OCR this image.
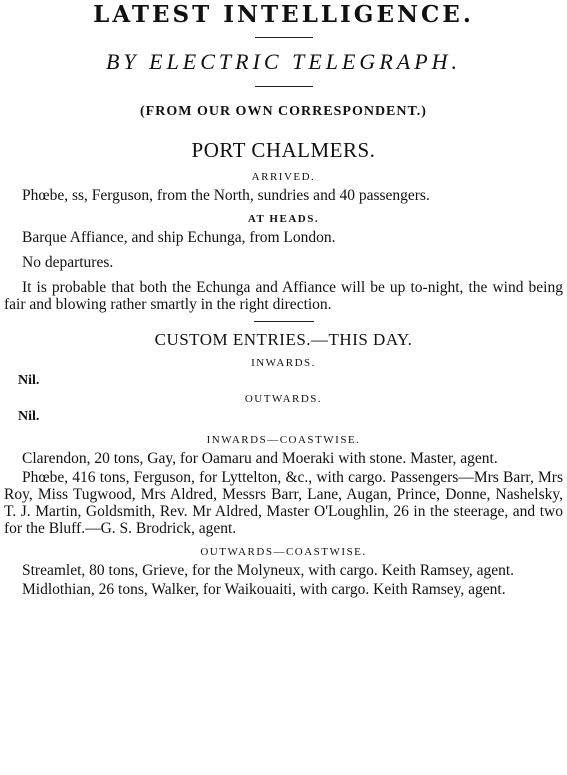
LATEST INTELLIGENCE.
BY ELECTRIC TELEGRAPH.
(FROM OUR OWN CORRESPONDENT.)
PORT CHALMERS.
ARRIVED.

Phœbe, ss, Ferguson, from the North, sundries and 40 passengers.

AT HEADS.

Barque Affiance, and ship Echunga, from London.

No departures.

It is probable that both the Echunga and Affiance will be up to-night, the wind being fair and blowing rather smartly in the right direction.

CUSTOM ENTRIES.—THIS DAY.
INWARDS.
Nil.
OUTWARDS.
Nil.
INWARDS—COASTWISE.

Clarendon, 20 tons, Gay, for Oamaru and Moeraki with stone. Master, agent.

Phœbe, 416 tons, Ferguson, for Lyttelton, &c., with cargo. Passengers—Mrs Barr, Mrs Roy, Miss Tugwood, Mrs Aldred, Messrs Barr, Lane, Augan, Prince, Donne, Nashelsky, T. J. Martin, Goldsmith, Rev. Mr Aldred, Master O'Loughlin, 26 in the steerage, and two for the Bluff.—G. S. Brodrick, agent.

OUTWARDS—COASTWISE.

Streamlet, 80 tons, Grieve, for the Molyneux, with cargo. Keith Ramsey, agent.

Midlothian, 26 tons, Walker, for Waikouaiti, with cargo. Keith Ramsey, agent.
